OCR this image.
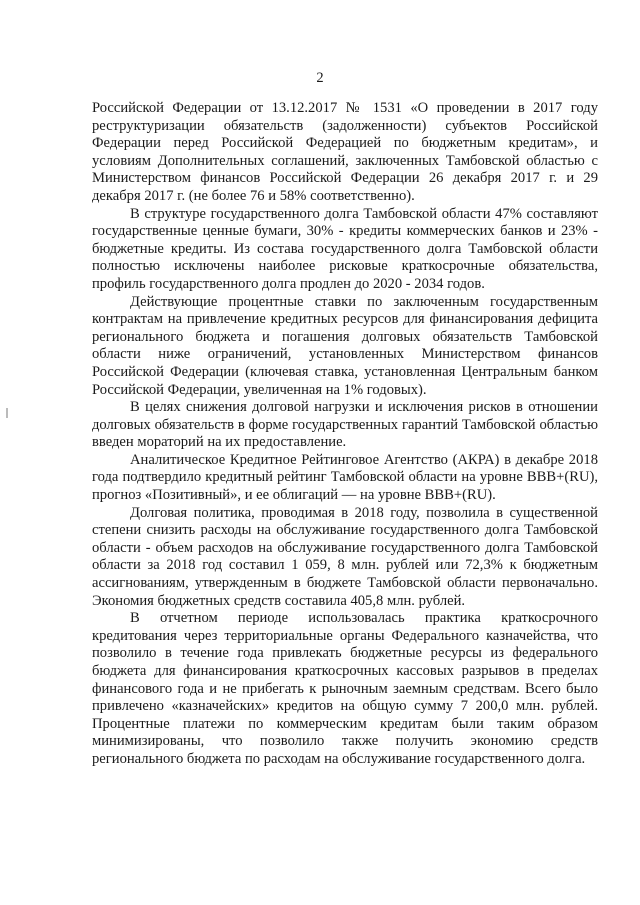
2

Российской Федерации от 13.12.2017 № 1531 «О проведении в 2017 году реструктуризации обязательств (задолженности) субъектов Российской Федерации перед Российской Федерацией по бюджетным кредитам», и условиям Дополнительных соглашений, заключенных Тамбовской областью с Министерством финансов Российской Федерации 26 декабря 2017 г. и 29 декабря 2017 г. (не более 76 и 58% соответственно).

В структуре государственного долга Тамбовской области 47% составляют государственные ценные бумаги, 30% - кредиты коммерческих банков и 23% - бюджетные кредиты. Из состава государственного долга Тамбовской области полностью исключены наиболее рисковые краткосрочные обязательства, профиль государственного долга продлен до 2020 - 2034 годов.

Действующие процентные ставки по заключенным государственным контрактам на привлечение кредитных ресурсов для финансирования дефицита регионального бюджета и погашения долговых обязательств Тамбовской области ниже ограничений, установленных Министерством финансов Российской Федерации (ключевая ставка, установленная Центральным банком Российской Федерации, увеличенная на 1% годовых).

В целях снижения долговой нагрузки и исключения рисков в отношении долговых обязательств в форме государственных гарантий Тамбовской областью введен мораторий на их предоставление.

Аналитическое Кредитное Рейтинговое Агентство (АКРА) в декабре 2018 года подтвердило кредитный рейтинг Тамбовской области на уровне BBB+(RU), прогноз «Позитивный», и ее облигаций — на уровне BBB+(RU).

Долговая политика, проводимая в 2018 году, позволила в существенной степени снизить расходы на обслуживание государственного долга Тамбовской области - объем расходов на обслуживание государственного долга Тамбовской области за 2018 год составил 1 059, 8 млн. рублей или 72,3% к бюджетным ассигнованиям, утвержденным в бюджете Тамбовской области первоначально. Экономия бюджетных средств составила 405,8 млн. рублей.

В отчетном периоде использовалась практика краткосрочного кредитования через территориальные органы Федерального казначейства, что позволило в течение года привлекать бюджетные ресурсы из федерального бюджета для финансирования краткосрочных кассовых разрывов в пределах финансового года и не прибегать к рыночным заемным средствам. Всего было привлечено «казначейских» кредитов на общую сумму 7 200,0 млн. рублей. Процентные платежи по коммерческим кредитам были таким образом минимизированы, что позволило также получить экономию средств регионального бюджета по расходам на обслуживание государственного долга.
